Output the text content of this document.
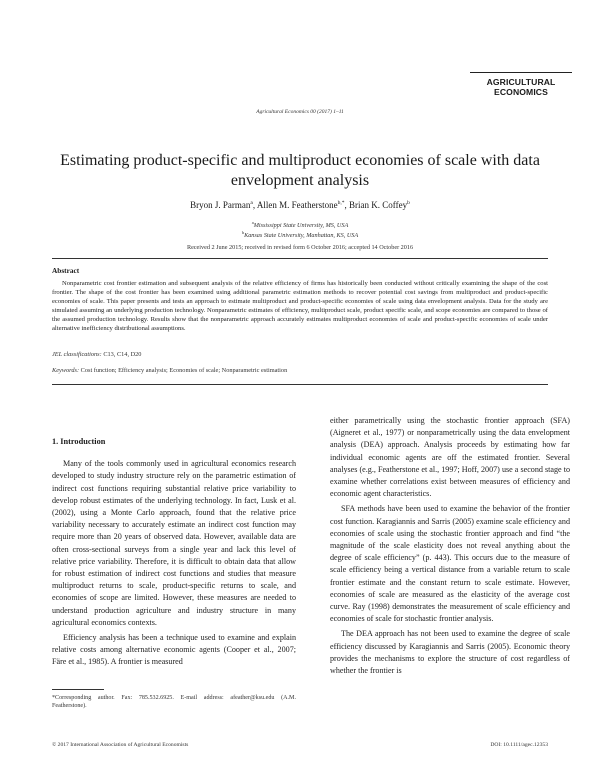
AGRICULTURAL
ECONOMICS
Agricultural Economics 00 (2017) 1–11
Estimating product-specific and multiproduct economies of scale with data envelopment analysis
Bryon J. Parman$^a$, Allen M. Featherstone$^{b,*}$, Brian K. Coffey$^b$
$^a$Mississippi State University, MS, USA
$^b$Kansas State University, Manhattan, KS, USA
Received 2 June 2015; received in revised form 6 October 2016; accepted 14 October 2016
Abstract
Nonparametric cost frontier estimation and subsequent analysis of the relative efficiency of firms has historically been conducted without critically examining the shape of the cost frontier. The shape of the cost frontier has been examined using additional parametric estimation methods to recover potential cost savings from multiproduct and product-specific economies of scale. This paper presents and tests an approach to estimate multiproduct and product-specific economies of scale using data envelopment analysis. Data for the study are simulated assuming an underlying production technology. Nonparametric estimates of efficiency, multiproduct scale, product specific scale, and scope economies are compared to those of the assumed production technology. Results show that the nonparametric approach accurately estimates multiproduct economies of scale and product-specific economies of scale under alternative inefficiency distributional assumptions.
JEL classifications: C13, C14, D20
Keywords: Cost function; Efficiency analysis; Economies of scale; Nonparametric estimation

1. Introduction

Many of the tools commonly used in agricultural economics research developed to study industry structure rely on the parametric estimation of indirect cost functions requiring substantial relative price variability to develop robust estimates of the underlying technology. In fact, Lusk et al. (2002), using a Monte Carlo approach, found that the relative price variability necessary to accurately estimate an indirect cost function may require more than 20 years of observed data. However, available data are often cross-sectional surveys from a single year and lack this level of relative price variability. Therefore, it is difficult to obtain data that allow for robust estimation of indirect cost functions and studies that measure multiproduct returns to scale, product-specific returns to scale, and economies of scope are limited. However, these measures are needed to understand production agriculture and industry structure in many agricultural economics contexts.

Efficiency analysis has been a technique used to examine and explain relative costs among alternative economic agents (Cooper et al., 2007; Färe et al., 1985). A frontier is measured

either parametrically using the stochastic frontier approach (SFA) (Aigneret et al., 1977) or nonparametrically using the data envelopment analysis (DEA) approach. Analysis proceeds by estimating how far individual economic agents are off the estimated frontier. Several analyses (e.g., Featherstone et al., 1997; Hoff, 2007) use a second stage to examine whether correlations exist between measures of efficiency and economic agent characteristics.

SFA methods have been used to examine the behavior of the frontier cost function. Karagiannis and Sarris (2005) examine scale efficiency and economies of scale using the stochastic frontier approach and find “the magnitude of the scale elasticity does not reveal anything about the degree of scale efficiency” (p. 443). This occurs due to the measure of scale efficiency being a vertical distance from a variable return to scale frontier estimate and the constant return to scale estimate. However, economies of scale are measured as the elasticity of the average cost curve. Ray (1998) demonstrates the measurement of scale efficiency and economies of scale for stochastic frontier analysis.

The DEA approach has not been used to examine the degree of scale efficiency discussed by Karagiannis and Sarris (2005). Economic theory provides the mechanisms to explore the structure of cost regardless of whether the frontier is

*Corresponding author. Fax: 785.532.6925. E-mail address: afeather@ksu.edu (A.M. Featherstone).
© 2017 International Association of Agricultural Economists	DOI: 10.1111/agec.12353
